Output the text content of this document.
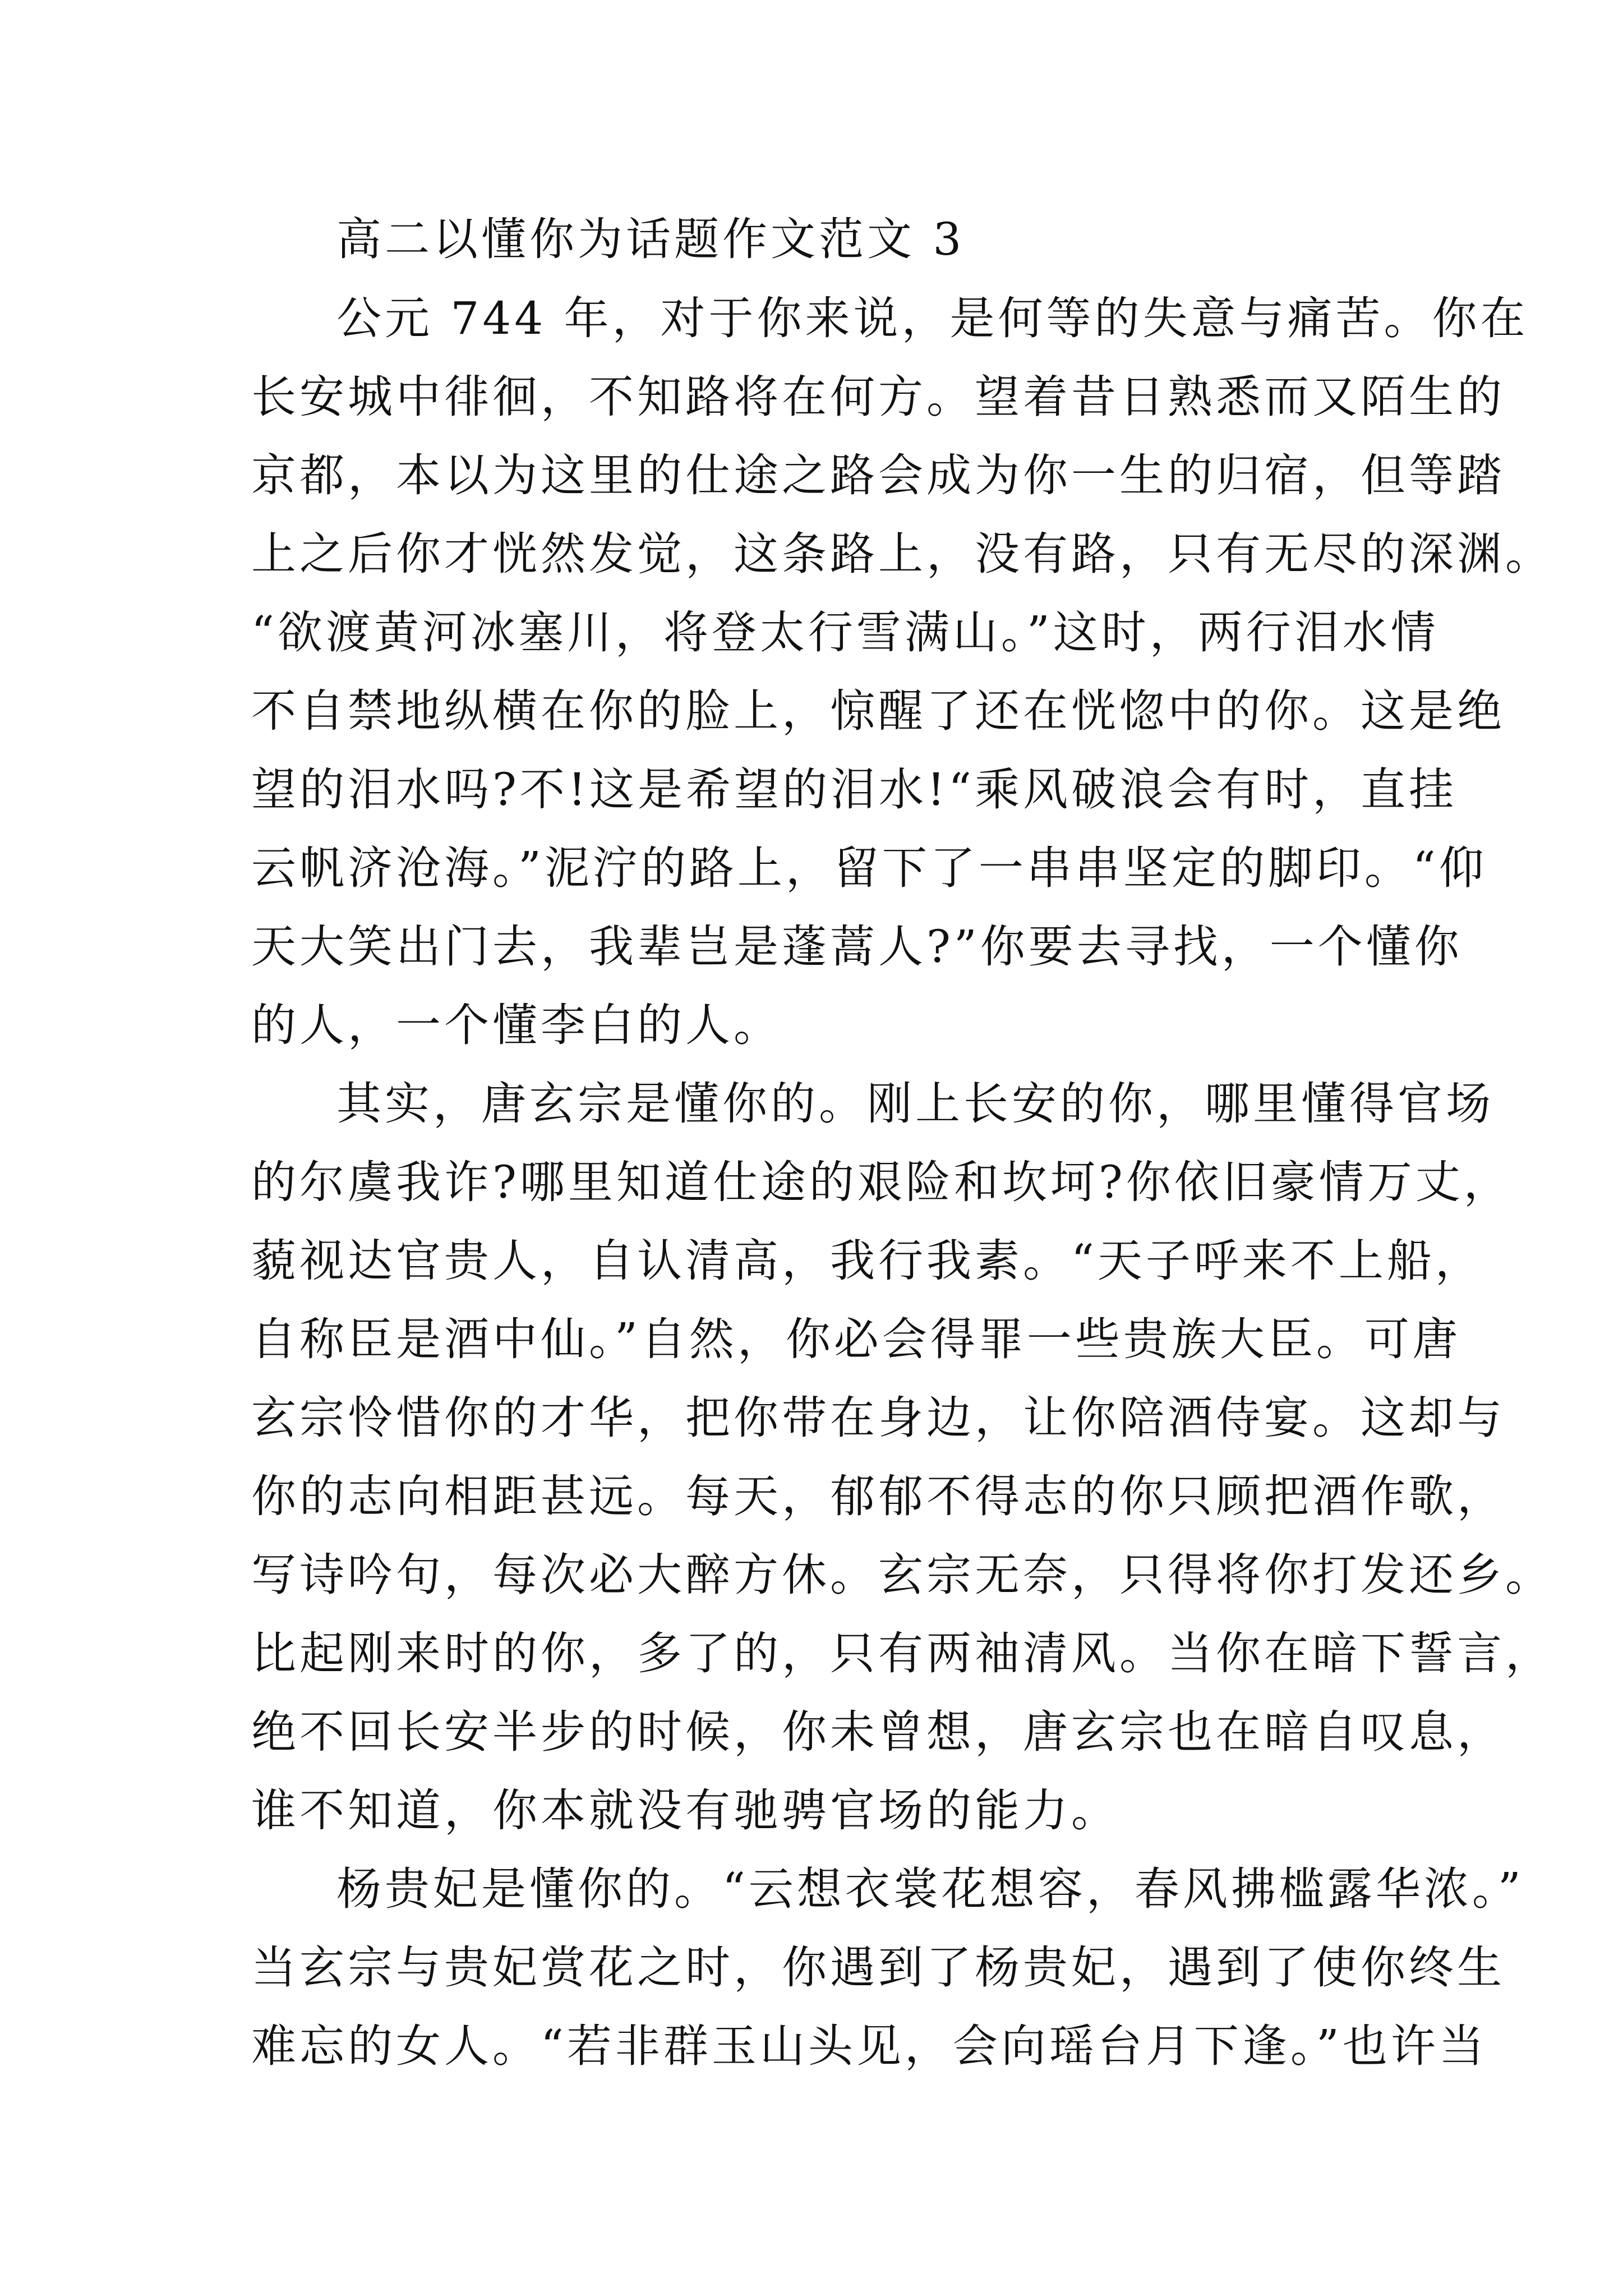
高二以懂你为话题作文范文 3
公元 744 年，对于你来说，是何等的失意与痛苦。你在
长安城中徘徊，不知路将在何方。望着昔日熟悉而又陌生的
京都，本以为这里的仕途之路会成为你一生的归宿，但等踏
上之后你才恍然发觉，这条路上，没有路，只有无尽的深渊。
“欲渡黄河冰塞川，将登太行雪满山。”这时，两行泪水情
不自禁地纵横在你的脸上，惊醒了还在恍惚中的你。这是绝
望的泪水吗?不!这是希望的泪水!“乘风破浪会有时，直挂
云帆济沧海。”泥泞的路上，留下了一串串坚定的脚印。“仰
天大笑出门去，我辈岂是蓬蒿人?”你要去寻找，一个懂你
的人，一个懂李白的人。
其实，唐玄宗是懂你的。刚上长安的你，哪里懂得官场
的尔虞我诈?哪里知道仕途的艰险和坎坷?你依旧豪情万丈，
藐视达官贵人，自认清高，我行我素。“天子呼来不上船，
自称臣是酒中仙。”自然，你必会得罪一些贵族大臣。可唐
玄宗怜惜你的才华，把你带在身边，让你陪酒侍宴。这却与
你的志向相距甚远。每天，郁郁不得志的你只顾把酒作歌，
写诗吟句，每次必大醉方休。玄宗无奈，只得将你打发还乡。
比起刚来时的你，多了的，只有两袖清风。当你在暗下誓言，
绝不回长安半步的时候，你未曾想，唐玄宗也在暗自叹息，
谁不知道，你本就没有驰骋官场的能力。
杨贵妃是懂你的。“云想衣裳花想容，春风拂槛露华浓。”
当玄宗与贵妃赏花之时，你遇到了杨贵妃，遇到了使你终生
难忘的女人。“若非群玉山头见，会向瑶台月下逢。”也许当
